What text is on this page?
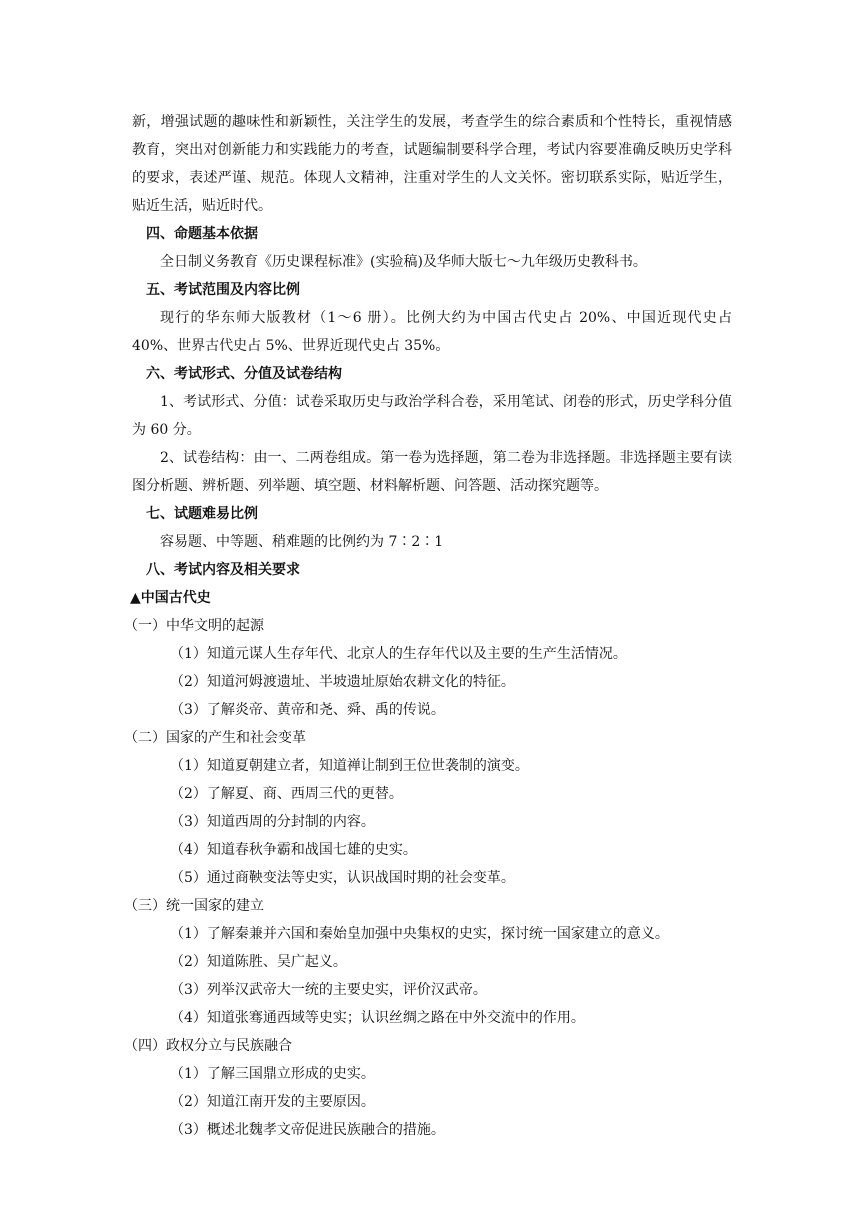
新，增强试题的趣味性和新颖性，关注学生的发展，考查学生的综合素质和个性特长，重视情感教育，突出对创新能力和实践能力的考查，试题编制要科学合理，考试内容要准确反映历史学科的要求，表述严谨、规范。体现人文精神，注重对学生的人文关怀。密切联系实际，贴近学生，贴近生活，贴近时代。

四、命题基本依据

全日制义务教育《历史课程标准》(实验稿)及华师大版七～九年级历史教科书。

五、考试范围及内容比例

现行的华东师大版教材（1～6 册）。比例大约为中国古代史占 20%、中国近现代史占 40%、世界古代史占 5%、世界近现代史占 35%。

六、考试形式、分值及试卷结构

1、考试形式、分值：试卷采取历史与政治学科合卷，采用笔试、闭卷的形式，历史学科分值为 60 分。

2、试卷结构：由一、二两卷组成。第一卷为选择题，第二卷为非选择题。非选择题主要有读图分析题、辨析题、列举题、填空题、材料解析题、问答题、活动探究题等。

七、试题难易比例

容易题、中等题、稍难题的比例约为 7∶2∶1

八、考试内容及相关要求

▲中国古代史

（一）中华文明的起源

（1）知道元谋人生存年代、北京人的生存年代以及主要的生产生活情况。

（2）知道河姆渡遗址、半坡遗址原始农耕文化的特征。

（3）了解炎帝、黄帝和尧、舜、禹的传说。

（二）国家的产生和社会变革

（1）知道夏朝建立者，知道禅让制到王位世袭制的演变。

（2）了解夏、商、西周三代的更替。

（3）知道西周的分封制的内容。

（4）知道春秋争霸和战国七雄的史实。

（5）通过商鞅变法等史实，认识战国时期的社会变革。

（三）统一国家的建立

（1）了解秦兼并六国和秦始皇加强中央集权的史实，探讨统一国家建立的意义。

（2）知道陈胜、吴广起义。

（3）列举汉武帝大一统的主要史实，评价汉武帝。

（4）知道张骞通西域等史实；认识丝绸之路在中外交流中的作用。

（四）政权分立与民族融合

（1）了解三国鼎立形成的史实。

（2）知道江南开发的主要原因。

（3）概述北魏孝文帝促进民族融合的措施。
